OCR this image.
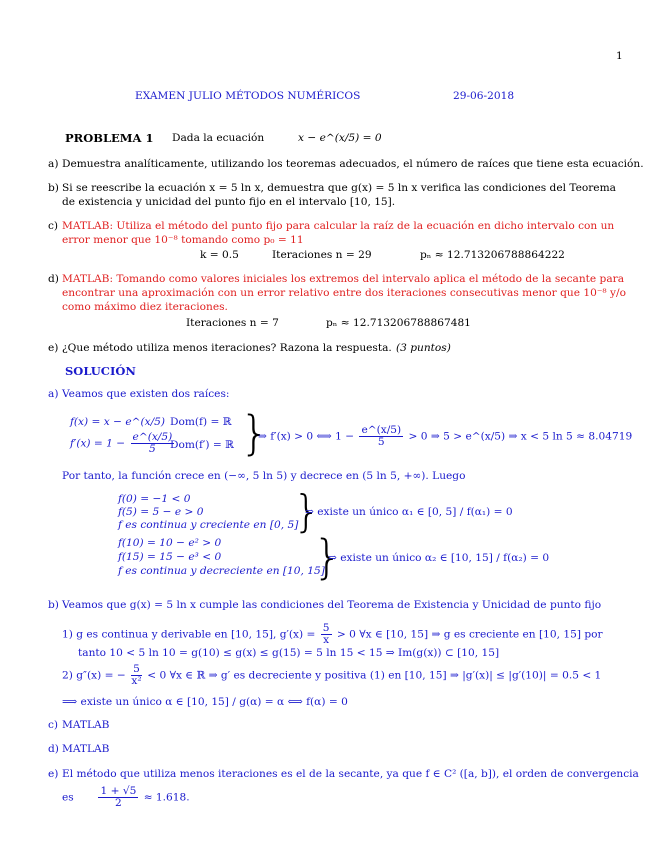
1
EXAMEN JULIO MÉTODOS NUMÉRICOS	29-06-2018
PROBLEMA 1 Dada la ecuación	x − e^(x/5) = 0
a) Demuestra analíticamente, utilizando los teoremas adecuados, el número de raíces que tiene esta ecuación.
b) Si se reescribe la ecuación x = 5 ln x, demuestra que g(x) = 5 ln x verifica las condiciones del Teorema
de existencia y unicidad del punto fijo en el intervalo [10, 15].
c) MATLAB: Utiliza el método del punto fijo para calcular la raíz de la ecuación en dicho intervalo con un
error menor que 10⁻⁸ tomando como p₀ = 11
k = 0.5	Iteraciones n = 29	pₙ ≈ 12.713206788864222
d) MATLAB: Tomando como valores iniciales los extremos del intervalo aplica el método de la secante para
encontrar una aproximación con un error relativo entre dos iteraciones consecutivas menor que 10⁻⁸ y/o
como máximo diez iteraciones.
Iteraciones n = 7	pₙ ≈ 12.713206788867481
e) ¿Que método utiliza menos iteraciones? Razona la respuesta. (3 puntos)
SOLUCIÓN
a) Veamos que existen dos raíces:
f(x) = x − e^(x/5) Dom(f) = ℝ
$f'(x) = 1 - \frac{e\^{}(x/5)}{5}$
Dom(f′) = ℝ }
⇒ f′(x) > 0 ⟺ $1 - \frac{e\^{}(x/5)}{5} > 0$ ⇒ 5 > e^(x/5) ⇒ x < 5 ln 5 ≈ 8.04719
Por tanto, la función crece en (−∞, 5 ln 5) y decrece en (5 ln 5, +∞). Luego
f(0) = −1 < 0
f(5) = 5 − e > 0
f es continua y creciente en [0, 5]
}
⇒ existe un único α₁ ∈ [0, 5] / f(α₁) = 0
f(10) = 10 − e² > 0
f(15) = 15 − e³ < 0
f es continua y decreciente en [10, 15]
}
⇒ existe un único α₂ ∈ [10, 15] / f(α₂) = 0
b) Veamos que g(x) = 5 ln x cumple las condiciones del Teorema de Existencia y Unicidad de punto fijo
1) g es continua y derivable en [10, 15], $g'(x) = \frac{5}{x} > 0$ ∀x ∈ [10, 15] ⇒ g es creciente en [10, 15] por
tanto 10 < 5 ln 10 = g(10) ≤ g(x) ≤ g(15) = 5 ln 15 < 15 ⇒ Im(g(x)) ⊂ [10, 15]
2) g″(x) = − $\frac{5}{\text{x²}} < 0$ ∀x ∈ ℝ ⇒ g′ es decreciente y positiva (1) en [10, 15] ⇒ |g′(x)| ≤ |g′(10)| = 0.5 < 1
⟹ existe un único α ∈ [10, 15] / g(α) = α ⟺ f(α) = 0
c) MATLAB
d) MATLAB
e) El método que utiliza menos iteraciones es el de la secante, ya que f ∈ C² ([a, b]), el orden de convergencia
es $\frac{1 + √5}{2} \approx 1.618$.
